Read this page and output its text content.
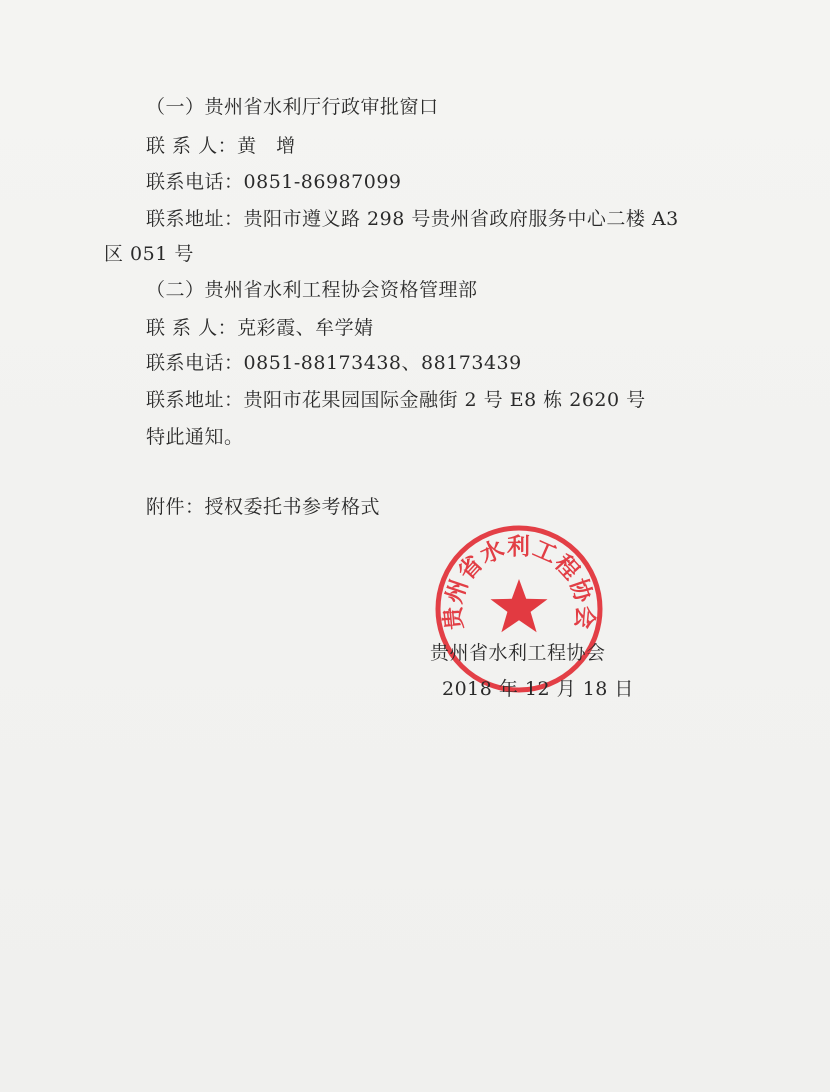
（一）贵州省水利厅行政审批窗口
联 系 人：黄　增
联系电话：0851-86987099
联系地址：贵阳市遵义路 298 号贵州省政府服务中心二楼 A3
区 051 号
（二）贵州省水利工程协会资格管理部
联 系 人：克彩霞、牟学婧
联系电话：0851-88173438、88173439
联系地址：贵阳市花果园国际金融街 2 号 E8 栋 2620 号
特此通知。
附件：授权委托书参考格式
贵州省水利工程协会
贵州省水利工程协会
2018 年 12 月 18 日
